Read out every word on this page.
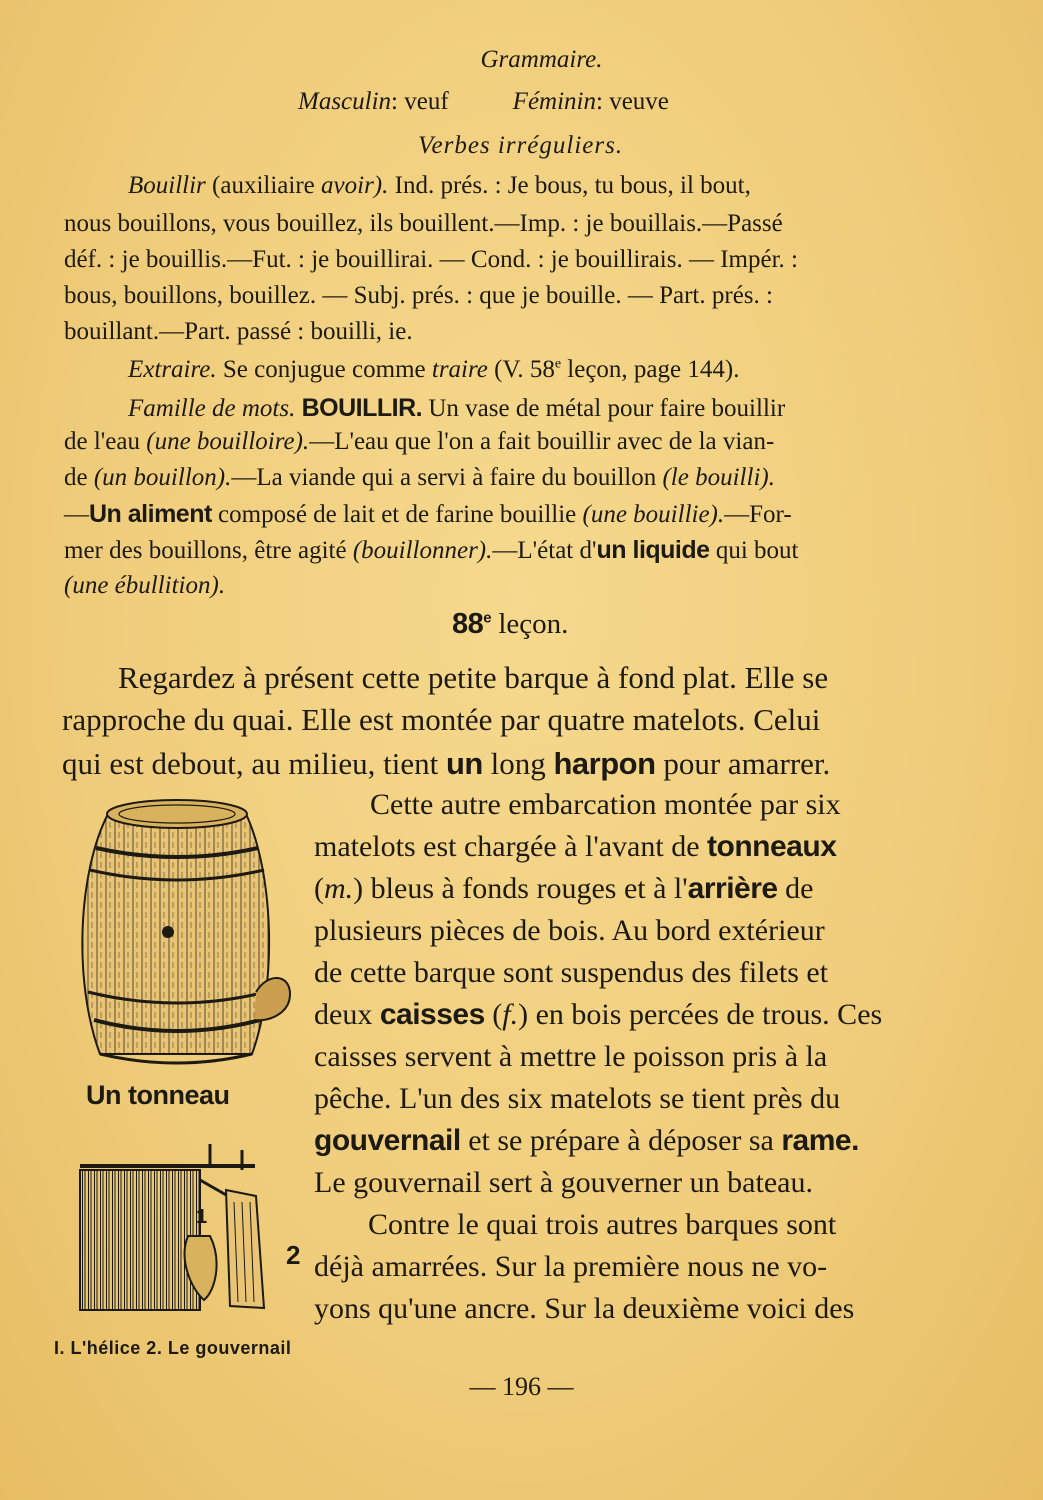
Grammaire.
Masculin: veuf	Féminin: veuve
Verbes irréguliers.
Bouillir (auxiliaire avoir). Ind. prés. : Je bous, tu bous, il bout,
nous bouillons, vous bouillez, ils bouillent.—Imp. : je bouillais.—Passé
déf. : je bouillis.—Fut. : je bouillirai. — Cond. : je bouillirais. — Impér. :
bous, bouillons, bouillez. — Subj. prés. : que je bouille. — Part. prés. :
bouillant.—Part. passé : bouilli, ie.
Extraire. Se conjugue comme traire (V. 58e leçon, page 144).
Famille de mots. BOUILLIR. Un vase de métal pour faire bouillir
de l'eau (une bouilloire).—L'eau que l'on a fait bouillir avec de la vian-
de (un bouillon).—La viande qui a servi à faire du bouillon (le bouilli).
—Un aliment composé de lait et de farine bouillie (une bouillie).—For-
mer des bouillons, être agité (bouillonner).—L'état d'un liquide qui bout
(une ébullition).
88e leçon.
Regardez à présent cette petite barque à fond plat. Elle se
rapproche du quai. Elle est montée par quatre matelots. Celui
qui est debout, au milieu, tient un long harpon pour amarrer.
Cette autre embarcation montée par six
matelots est chargée à l'avant de tonneaux
(m.) bleus à fonds rouges et à l'arrière de
plusieurs pièces de bois. Au bord extérieur
de cette barque sont suspendus des filets et
deux caisses (f.) en bois percées de trous. Ces
caisses servent à mettre le poisson pris à la
pêche. L'un des six matelots se tient près du
gouvernail et se prépare à déposer sa rame.
Le gouvernail sert à gouverner un bateau.
Contre le quai trois autres barques sont
déjà amarrées. Sur la première nous ne vo-
yons qu'une ancre. Sur la deuxième voici des
Un tonneau
1
2
I. L'hélice 2. Le gouvernail
— 196 —
